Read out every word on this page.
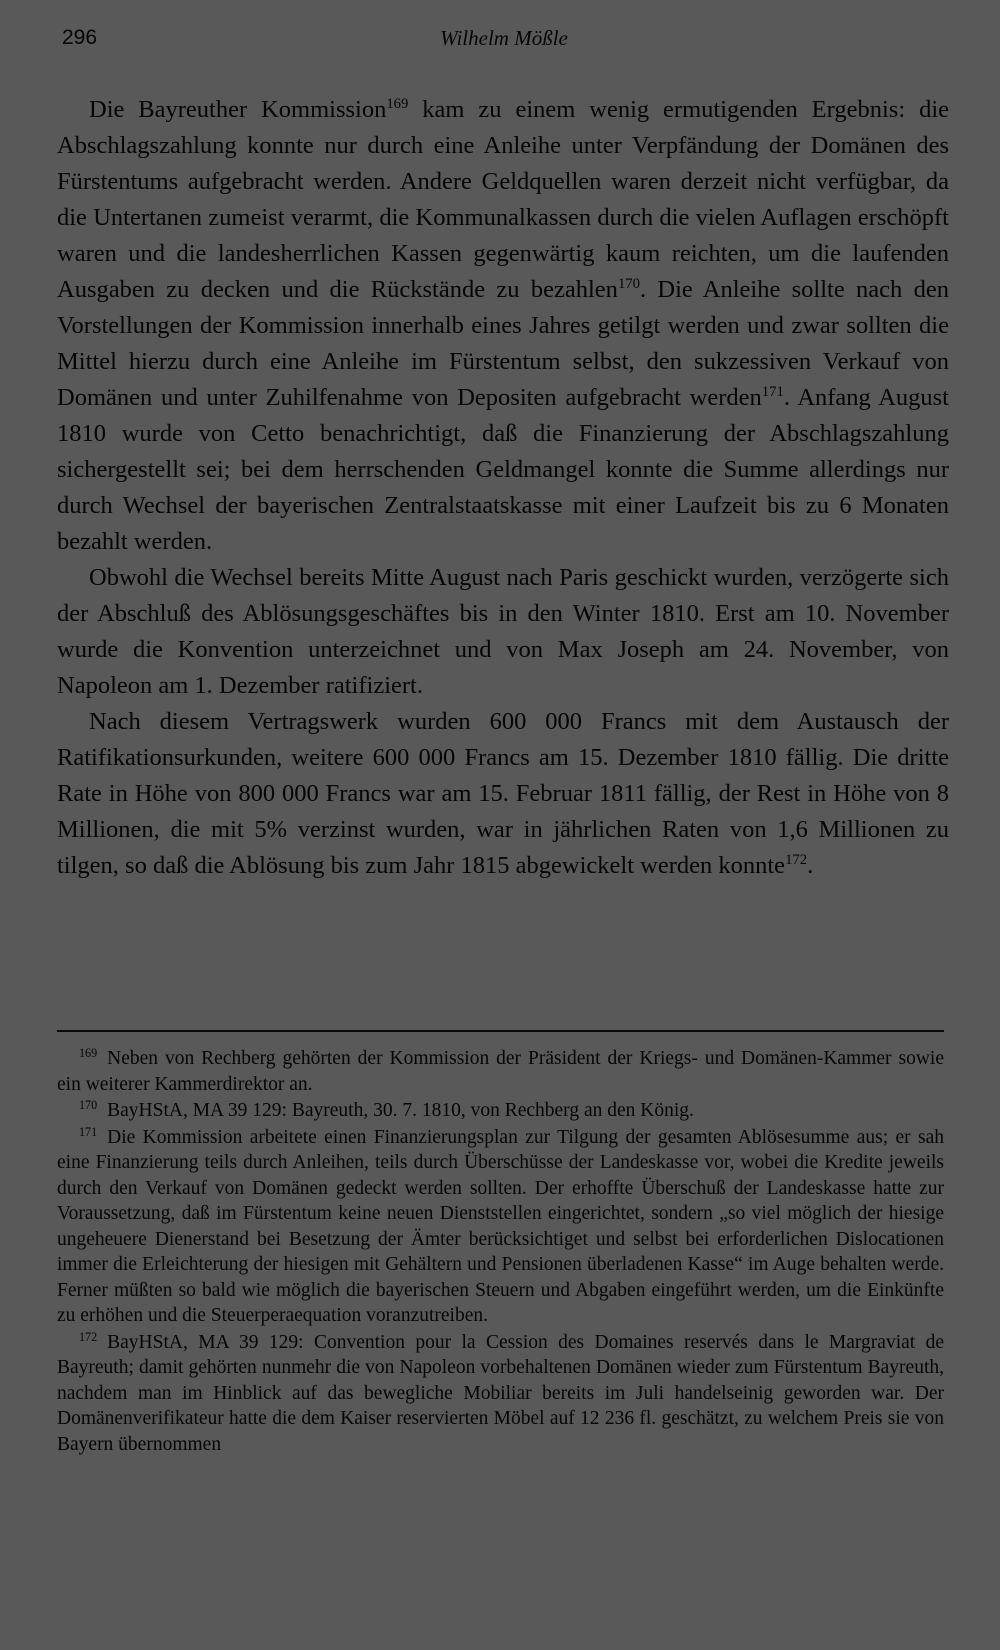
296	Wilhelm Mößle

Die Bayreuther Kommission$^{169}$ kam zu einem wenig ermutigenden Ergebnis: die Abschlagszahlung konnte nur durch eine Anleihe unter Verpfändung der Domänen des Fürstentums aufgebracht werden. Andere Geldquellen waren derzeit nicht verfügbar, da die Untertanen zumeist verarmt, die Kommunalkassen durch die vielen Auflagen erschöpft waren und die landesherrlichen Kassen gegenwärtig kaum reichten, um die laufenden Ausgaben zu decken und die Rückstände zu bezahlen$^{170}$. Die Anleihe sollte nach den Vorstellungen der Kommission innerhalb eines Jahres getilgt werden und zwar sollten die Mittel hierzu durch eine Anleihe im Fürstentum selbst, den sukzessiven Verkauf von Domänen und unter Zuhilfenahme von Depositen aufgebracht werden$^{171}$. Anfang August 1810 wurde von Cetto benachrichtigt, daß die Finanzierung der Abschlagszahlung sichergestellt sei; bei dem herrschenden Geldmangel konnte die Summe allerdings nur durch Wechsel der bayerischen Zentralstaatskasse mit einer Laufzeit bis zu 6 Monaten bezahlt werden.

Obwohl die Wechsel bereits Mitte August nach Paris geschickt wurden, verzögerte sich der Abschluß des Ablösungsgeschäftes bis in den Winter 1810. Erst am 10. November wurde die Konvention unterzeichnet und von Max Joseph am 24. November, von Napoleon am 1. Dezember ratifiziert.

Nach diesem Vertragswerk wurden 600 000 Francs mit dem Austausch der Ratifikationsurkunden, weitere 600 000 Francs am 15. Dezember 1810 fällig. Die dritte Rate in Höhe von 800 000 Francs war am 15. Februar 1811 fällig, der Rest in Höhe von 8 Millionen, die mit 5% verzinst wurden, war in jährlichen Raten von 1,6 Millionen zu tilgen, so daß die Ablösung bis zum Jahr 1815 abgewickelt werden konnte$^{172}$.

$^{169}$ Neben von Rechberg gehörten der Kommission der Präsident der Kriegs- und Domänen-Kammer sowie ein weiterer Kammerdirektor an.

$^{170}$ BayHStA, MA 39 129: Bayreuth, 30. 7. 1810, von Rechberg an den König.

$^{171}$ Die Kommission arbeitete einen Finanzierungsplan zur Tilgung der gesamten Ablösesumme aus; er sah eine Finanzierung teils durch Anleihen, teils durch Überschüsse der Landeskasse vor, wobei die Kredite jeweils durch den Verkauf von Domänen gedeckt werden sollten. Der erhoffte Überschuß der Landeskasse hatte zur Voraussetzung, daß im Fürstentum keine neuen Dienststellen eingerichtet, sondern „so viel möglich der hiesige ungeheuere Dienerstand bei Besetzung der Ämter berücksichtiget und selbst bei erforderlichen Dislocationen immer die Erleichterung der hiesigen mit Gehältern und Pensionen überladenen Kasse“ im Auge behalten werde. Ferner müßten so bald wie möglich die bayerischen Steuern und Abgaben eingeführt werden, um die Einkünfte zu erhöhen und die Steuerperaequation voranzutreiben.

$^{172}$ BayHStA, MA 39 129: Convention pour la Cession des Domaines reservés dans le Margraviat de Bayreuth; damit gehörten nunmehr die von Napoleon vorbehaltenen Domänen wieder zum Fürstentum Bayreuth, nachdem man im Hinblick auf das bewegliche Mobiliar bereits im Juli handelseinig geworden war. Der Domänenverifikateur hatte die dem Kaiser reservierten Möbel auf 12 236 fl. geschätzt, zu welchem Preis sie von Bayern übernommen
